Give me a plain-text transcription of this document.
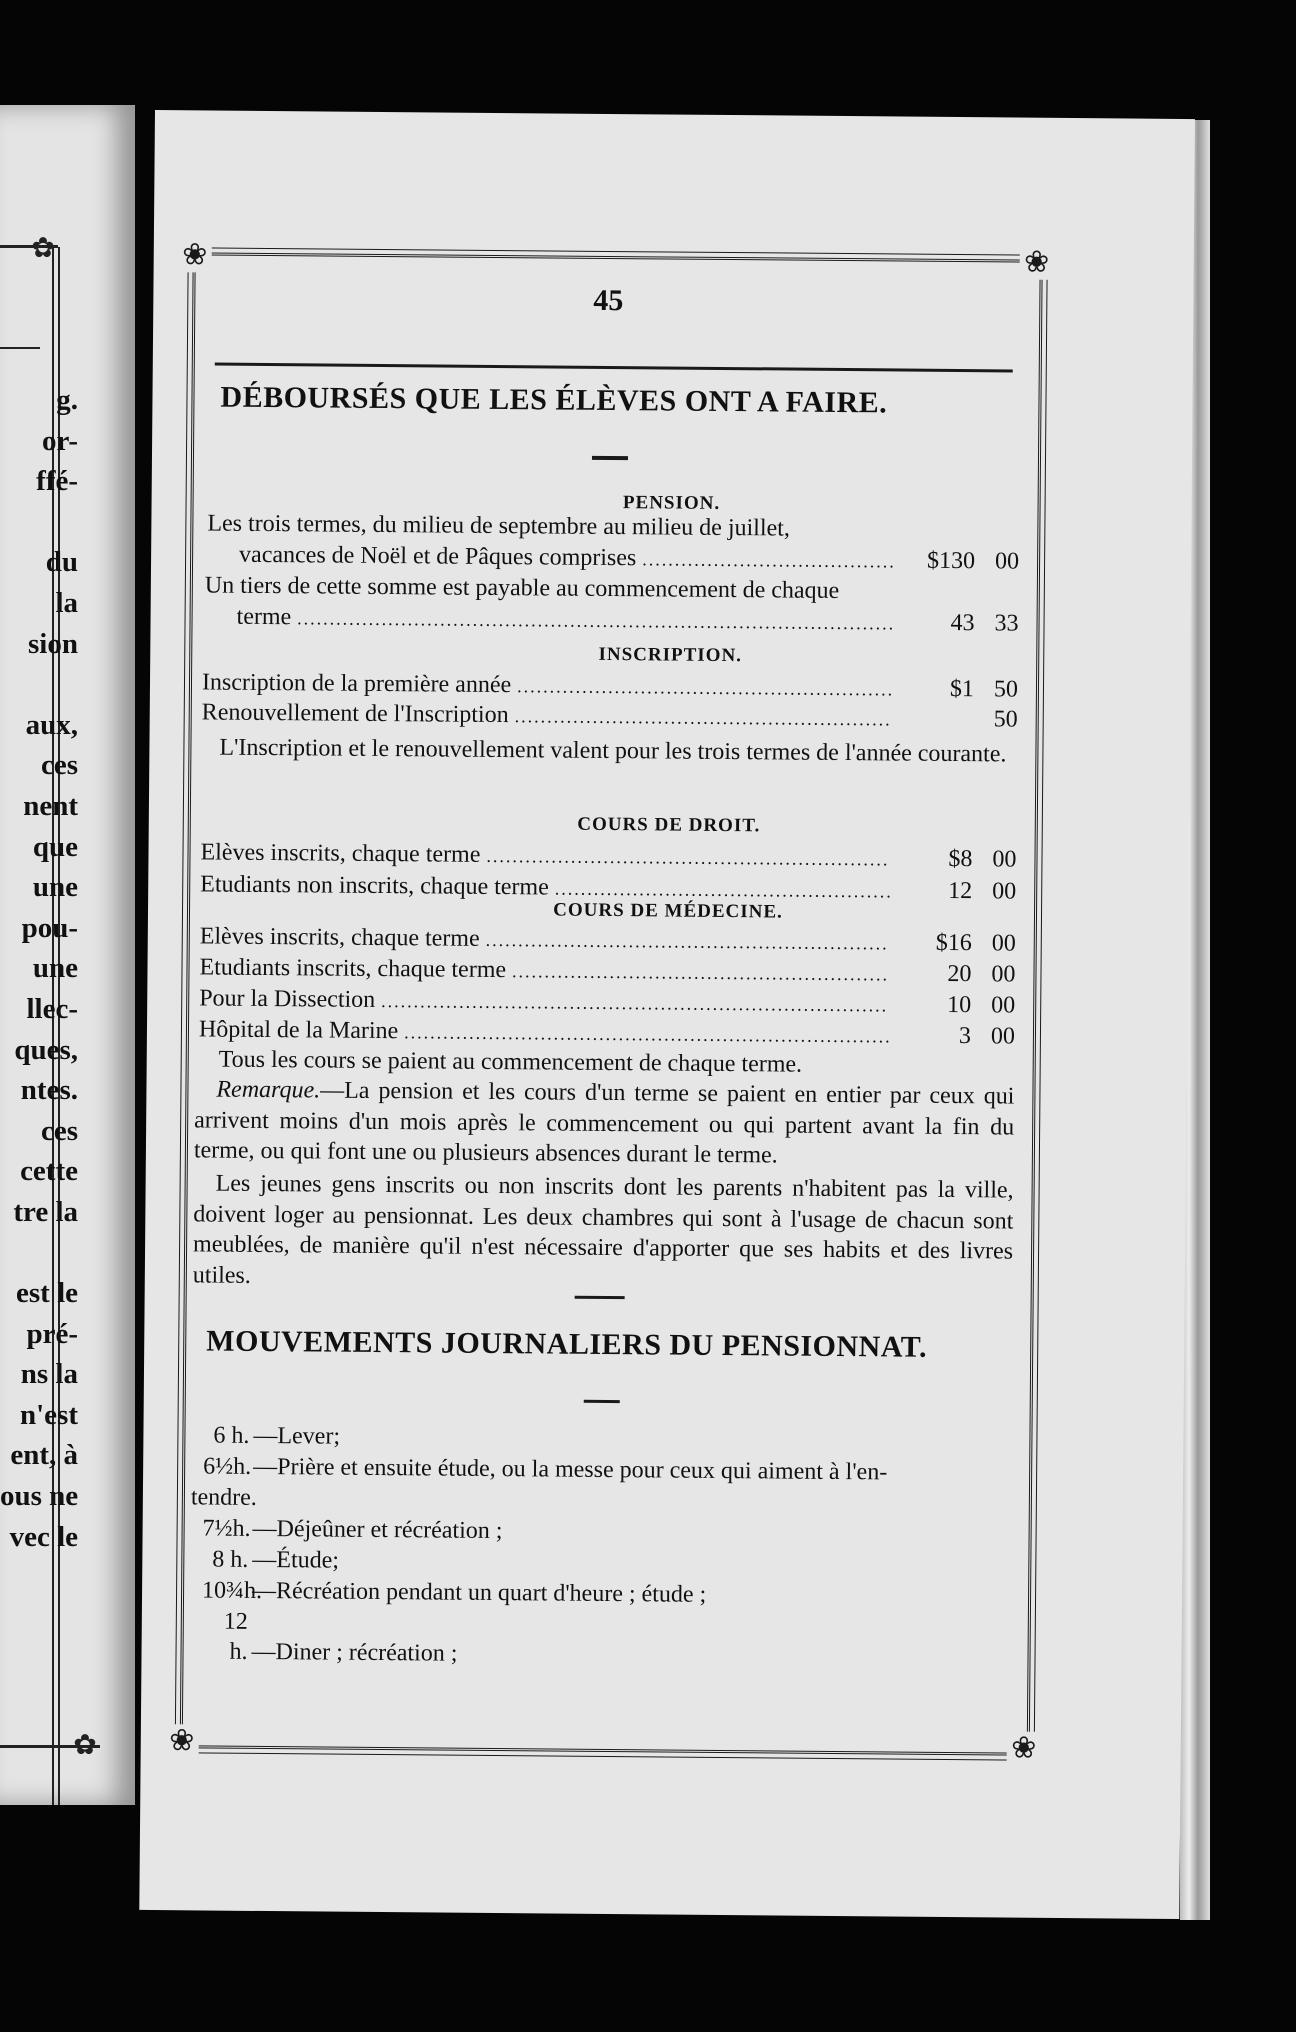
✿
✿
g.
or-
ffé-
du
la
sion
aux,
ces
nent
que
une
pou-
une
llec-
ques,
ntes.
ces
cette
tre la
est le
pré-
ns la
n'est
ent, à
ous ne
vec le
❀	❀
❀	❀
45
DÉBOURSÉS QUE LES ÉLÈVES ONT A FAIRE.
PENSION.
Les trois termes, du milieu de septembre au milieu de juillet,
vacances de Noël et de Pâques comprises .....	$130 00
Un tiers de cette somme est payable au commencement de chaque
terme .....	43 33
INSCRIPTION.
Inscription de la première année .....	$1 50
Renouvellement de l'Inscription .....	50
L'Inscription et le renouvellement valent pour les trois termes de l'année courante.
COURS DE DROIT.
Elèves inscrits, chaque terme .....	$8 00
Etudiants non inscrits, chaque terme .....	12 00
COURS DE MÉDECINE.
Elèves inscrits, chaque terme .....	$16 00
Etudiants inscrits, chaque terme .....	20 00
Pour la Dissection .....	10 00
Hôpital de la Marine .....	3 00
Tous les cours se paient au commencement de chaque terme.
Remarque.—La pension et les cours d'un terme se paient en entier par ceux qui arrivent moins d'un mois après le commencement ou qui partent avant la fin du terme, ou qui font une ou plusieurs absences durant le terme.
Les jeunes gens inscrits ou non inscrits dont les parents n'habitent pas la ville, doivent loger au pensionnat. Les deux chambres qui sont à l'usage de chacun sont meublées, de manière qu'il n'est nécessaire d'apporter que ses habits et des livres utiles.
MOUVEMENTS JOURNALIERS DU PENSIONNAT.
6 h. —Lever;
6½h.—Prière et ensuite étude, ou la messe pour ceux qui aiment à l'en-
tendre.
7½h.—Déjeûner et récréation ;
8 h. —Étude;
10¾h.—Récréation pendant un quart d'heure ; étude ;
12 h. —Diner ; récréation ;
